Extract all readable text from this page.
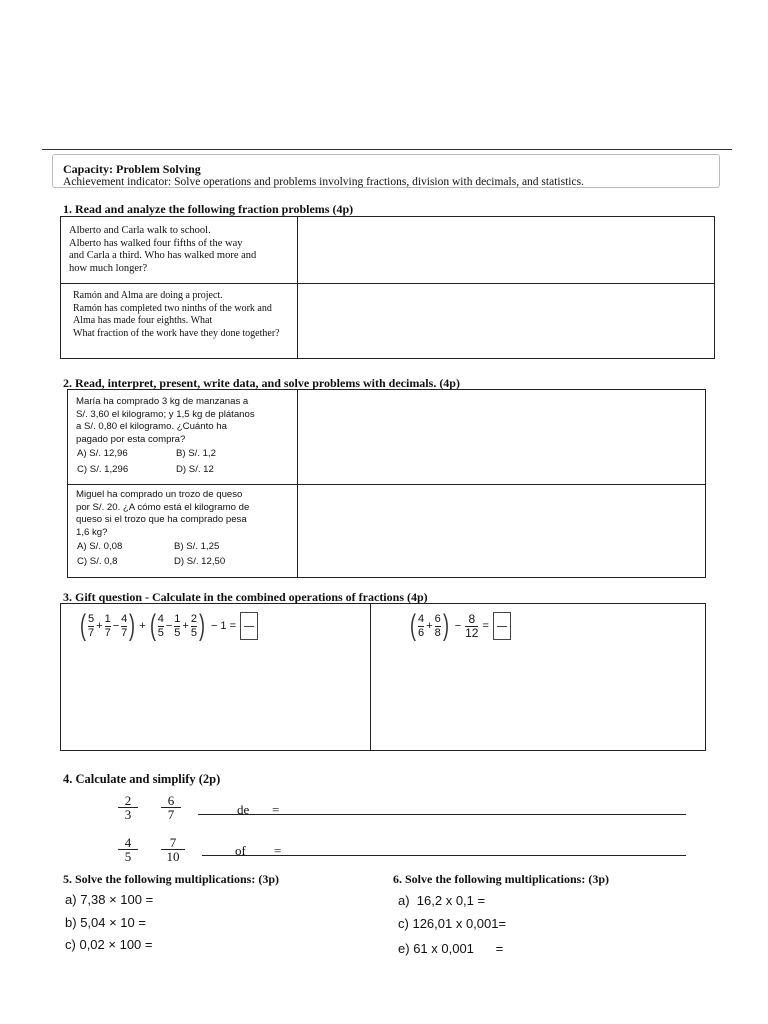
Capacity: Problem Solving
Achievement indicator: Solve operations and problems involving fractions, division with decimals, and statistics.
1. Read and analyze the following fraction problems (4p)
Alberto and Carla walk to school.
Alberto has walked four fifths of the way
and Carla a third. Who has walked more and
how much longer?
Ramón and Alma are doing a project.
Ramón has completed two ninths of the work and
Alma has made four eighths. What
What fraction of the work have they done together?
2. Read, interpret, present, write data, and solve problems with decimals. (4p)
María ha comprado 3 kg de manzanas a
S/. 3,60 el kilogramo; y 1,5 kg de plátanos
a S/. 0,80 el kilogramo. ¿Cuánto ha
pagado por esta compra?
A) S/. 12,96	B) S/. 1,2
C) S/. 1,296	D) S/. 12
Miguel ha comprado un trozo de queso
por S/. 20. ¿A cómo está el kilogramo de
queso si el trozo que ha comprado pesa
1,6 kg?
A) S/. 0,08	B) S/. 1,25
C) S/. 0,8	D) S/. 12,50
3. Gift question - Calculate in the combined operations of fractions (4p)
( $\frac{5}{7} + \frac{1}{7} - \frac{4}{7}$ ) + ( $\frac{4}{5} - \frac{1}{5} + \frac{2}{5}$ ) − 1 =	( $\frac{4}{6} + \frac{6}{8}$ ) − $\frac{8}{12}$ =
4. Calculate and simplify (2p)
2
3
6
7	de =
4
5
7
10	of =
5. Solve the following multiplications: (3p)
a) 7,38 × 100 =
b) 5,04 × 10 =
c) 0,02 × 100 =
6. Solve the following multiplications: (3p)
a) 16,2 x 0,1 =
c) 126,01 x 0,001=
e) 61 x 0,001      =
